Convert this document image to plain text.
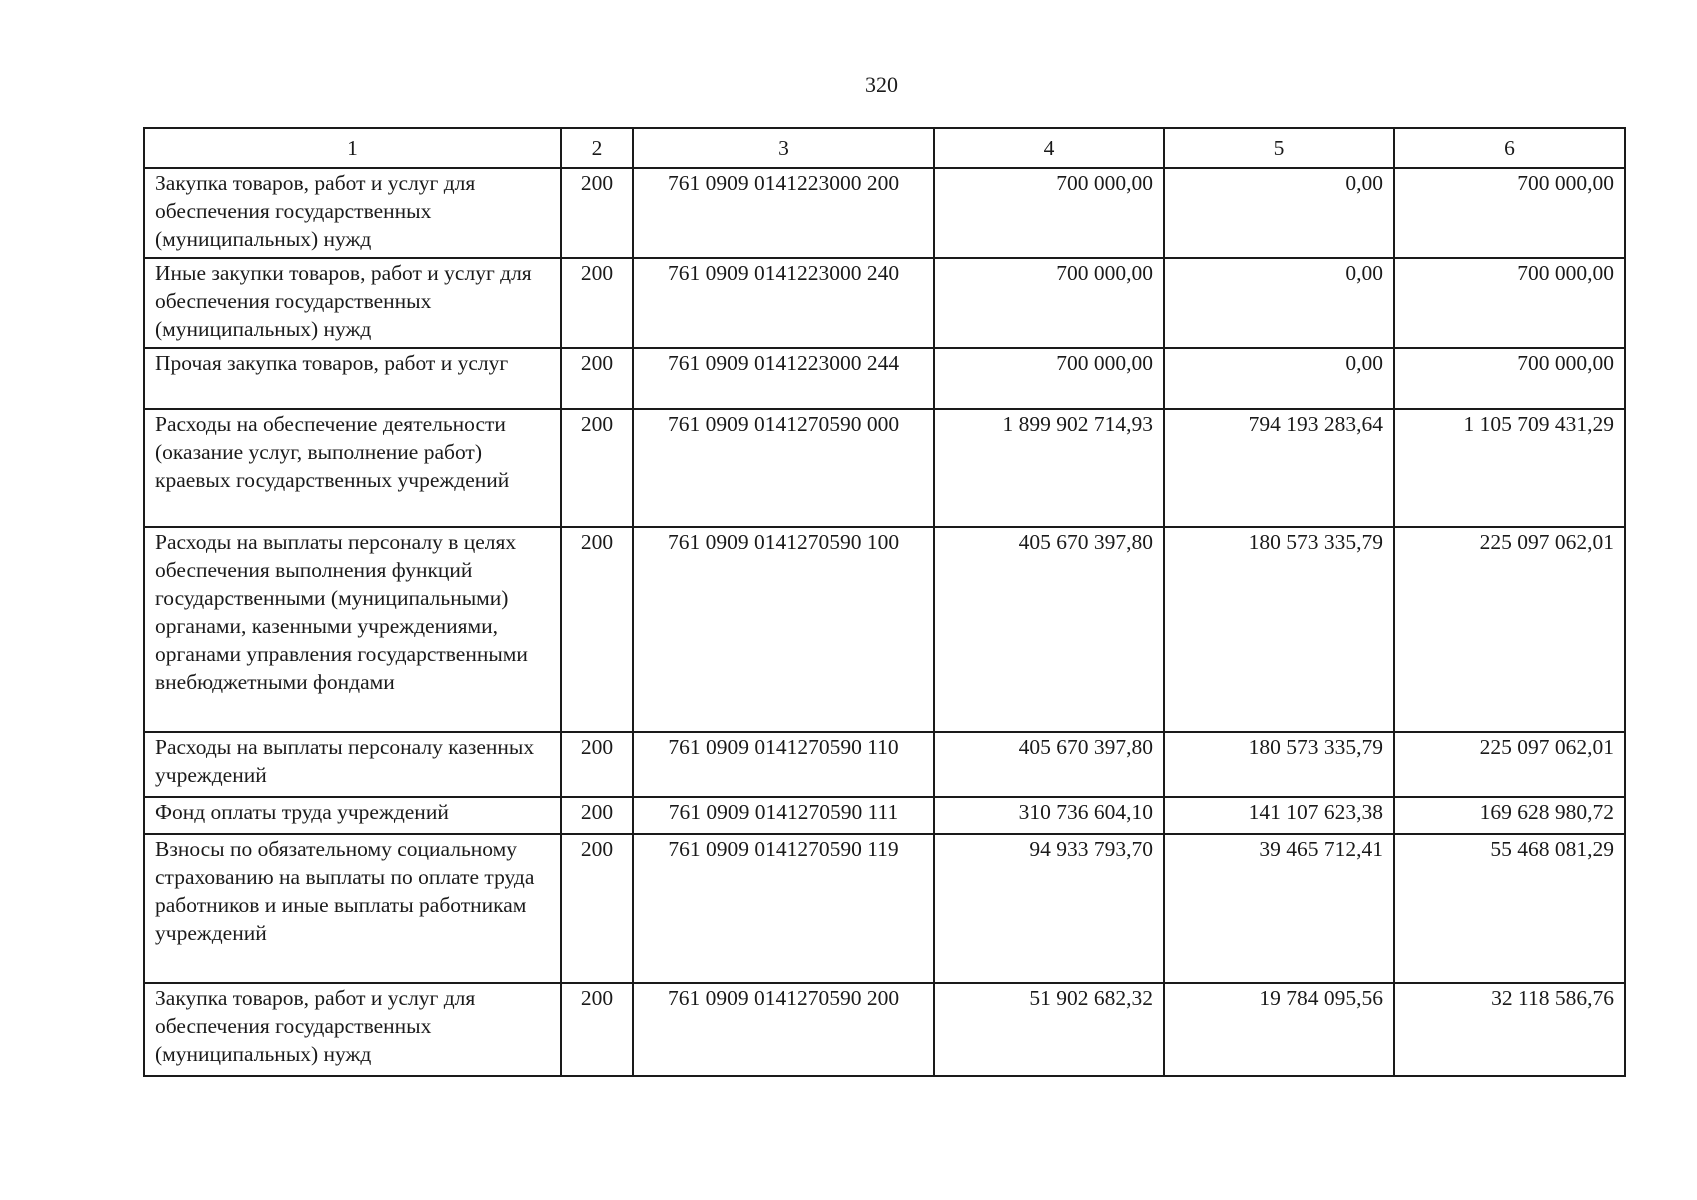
320
1	2	3	4	5	6
Закупка товаров, работ и услуг для обеспечения государственных (муниципальных) нужд	200	761 0909 0141223000 200	700 000,00	0,00	700 000,00
Иные закупки товаров, работ и услуг для обеспечения государственных (муниципальных) нужд	200	761 0909 0141223000 240	700 000,00	0,00	700 000,00
Прочая закупка товаров, работ и услуг	200	761 0909 0141223000 244	700 000,00	0,00	700 000,00
Расходы на обеспечение деятельности (оказание услуг, выполнение работ) краевых государственных учреждений	200	761 0909 0141270590 000	1 899 902 714,93	794 193 283,64	1 105 709 431,29
Расходы на выплаты персоналу в целях обеспечения выполнения функций государственными (муниципальными) органами, казенными учреждениями, органами управления государственными внебюджетными фондами	200	761 0909 0141270590 100	405 670 397,80	180 573 335,79	225 097 062,01
Расходы на выплаты персоналу казенных учреждений	200	761 0909 0141270590 110	405 670 397,80	180 573 335,79	225 097 062,01
Фонд оплаты труда учреждений	200	761 0909 0141270590 111	310 736 604,10	141 107 623,38	169 628 980,72
Взносы по обязательному социальному страхованию на выплаты по оплате труда работников и иные выплаты работникам учреждений	200	761 0909 0141270590 119	94 933 793,70	39 465 712,41	55 468 081,29
Закупка товаров, работ и услуг для обеспечения государственных (муниципальных) нужд	200	761 0909 0141270590 200	51 902 682,32	19 784 095,56	32 118 586,76
